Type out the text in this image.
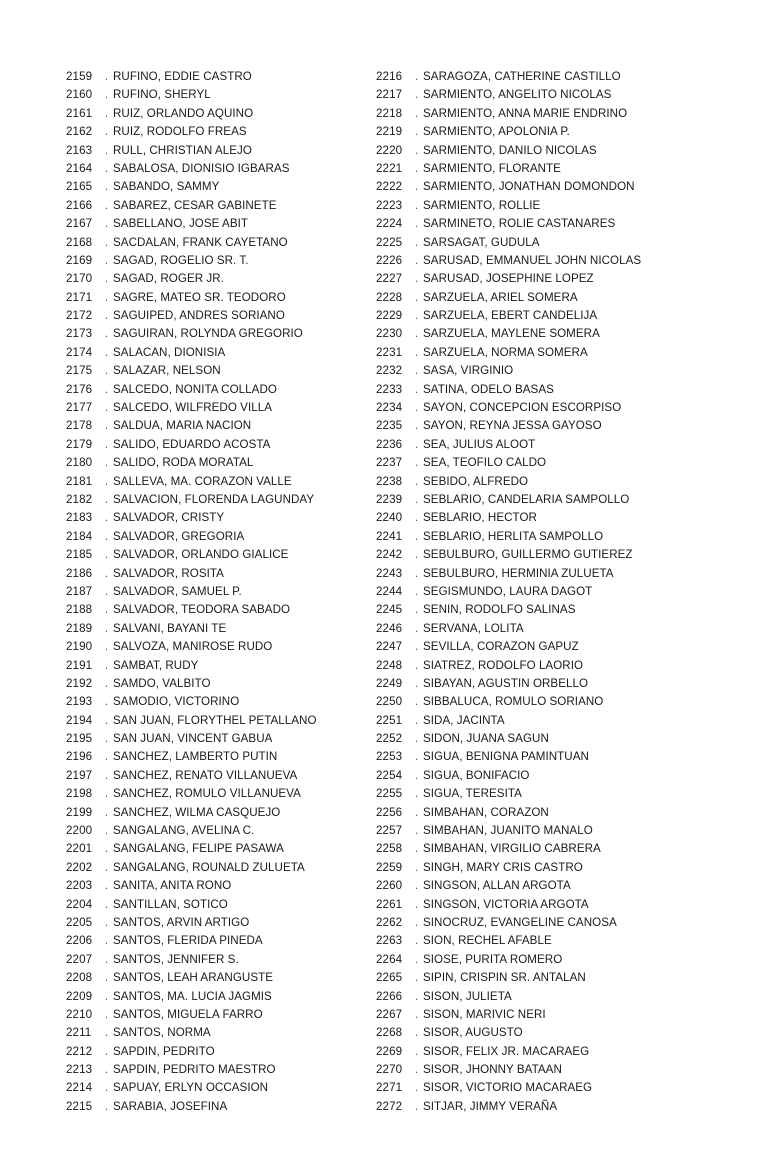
2159	. RUFINO, EDDIE CASTRO
2160	. RUFINO, SHERYL
2161	. RUIZ, ORLANDO AQUINO
2162	. RUIZ, RODOLFO FREAS
2163	. RULL, CHRISTIAN ALEJO
2164	. SABALOSA, DIONISIO IGBARAS
2165	. SABANDO, SAMMY
2166	. SABAREZ, CESAR GABINETE
2167	. SABELLANO, JOSE ABIT
2168	. SACDALAN, FRANK CAYETANO
2169	. SAGAD, ROGELIO SR. T.
2170	. SAGAD, ROGER JR.
2171	. SAGRE, MATEO SR. TEODORO
2172	. SAGUIPED, ANDRES SORIANO
2173	. SAGUIRAN, ROLYNDA GREGORIO
2174	. SALACAN, DIONISIA
2175	. SALAZAR, NELSON
2176	. SALCEDO, NONITA COLLADO
2177	. SALCEDO, WILFREDO VILLA
2178	. SALDUA, MARIA NACION
2179	. SALIDO, EDUARDO ACOSTA
2180	. SALIDO, RODA MORATAL
2181	. SALLEVA, MA. CORAZON VALLE
2182	. SALVACION, FLORENDA LAGUNDAY
2183	. SALVADOR, CRISTY
2184	. SALVADOR, GREGORIA
2185	. SALVADOR, ORLANDO GIALICE
2186	. SALVADOR, ROSITA
2187	. SALVADOR, SAMUEL P.
2188	. SALVADOR, TEODORA SABADO
2189	. SALVANI, BAYANI TE
2190	. SALVOZA, MANIROSE RUDO
2191	. SAMBAT, RUDY
2192	. SAMDO, VALBITO
2193	. SAMODIO, VICTORINO
2194	. SAN JUAN, FLORYTHEL PETALLANO
2195	. SAN JUAN, VINCENT GABUA
2196	. SANCHEZ, LAMBERTO PUTIN
2197	. SANCHEZ, RENATO VILLANUEVA
2198	. SANCHEZ, ROMULO VILLANUEVA
2199	. SANCHEZ, WILMA CASQUEJO
2200	. SANGALANG, AVELINA C.
2201	. SANGALANG, FELIPE PASAWA
2202	. SANGALANG, ROUNALD ZULUETA
2203	. SANITA, ANITA RONO
2204	. SANTILLAN, SOTICO
2205	. SANTOS, ARVIN ARTIGO
2206	. SANTOS, FLERIDA PINEDA
2207	. SANTOS, JENNIFER S.
2208	. SANTOS, LEAH ARANGUSTE
2209	. SANTOS, MA. LUCIA JAGMIS
2210	. SANTOS, MIGUELA FARRO
2211	. SANTOS, NORMA
2212	. SAPDIN, PEDRITO
2213	. SAPDIN, PEDRITO MAESTRO
2214	. SAPUAY, ERLYN OCCASION
2215	. SARABIA, JOSEFINA
2216	. SARAGOZA, CATHERINE CASTILLO
2217	. SARMIENTO, ANGELITO NICOLAS
2218	. SARMIENTO, ANNA MARIE ENDRINO
2219	. SARMIENTO, APOLONIA P.
2220	. SARMIENTO, DANILO NICOLAS
2221	. SARMIENTO, FLORANTE
2222	. SARMIENTO, JONATHAN DOMONDON
2223	. SARMIENTO, ROLLIE
2224	. SARMINETO, ROLIE CASTANARES
2225	. SARSAGAT, GUDULA
2226	. SARUSAD, EMMANUEL JOHN NICOLAS
2227	. SARUSAD, JOSEPHINE LOPEZ
2228	. SARZUELA, ARIEL SOMERA
2229	. SARZUELA, EBERT CANDELIJA
2230	. SARZUELA, MAYLENE SOMERA
2231	. SARZUELA, NORMA SOMERA
2232	. SASA, VIRGINIO
2233	. SATINA, ODELO BASAS
2234	. SAYON, CONCEPCION ESCORPISO
2235	. SAYON, REYNA JESSA GAYOSO
2236	. SEA, JULIUS ALOOT
2237	. SEA, TEOFILO CALDO
2238	. SEBIDO, ALFREDO
2239	. SEBLARIO, CANDELARIA SAMPOLLO
2240	. SEBLARIO, HECTOR
2241	. SEBLARIO, HERLITA SAMPOLLO
2242	. SEBULBURO, GUILLERMO GUTIEREZ
2243	. SEBULBURO, HERMINIA ZULUETA
2244	. SEGISMUNDO, LAURA DAGOT
2245	. SENIN, RODOLFO SALINAS
2246	. SERVANA, LOLITA
2247	. SEVILLA, CORAZON GAPUZ
2248	. SIATREZ, RODOLFO LAORIO
2249	. SIBAYAN, AGUSTIN ORBELLO
2250	. SIBBALUCA, ROMULO SORIANO
2251	. SIDA, JACINTA
2252	. SIDON, JUANA SAGUN
2253	. SIGUA, BENIGNA PAMINTUAN
2254	. SIGUA, BONIFACIO
2255	. SIGUA, TERESITA
2256	. SIMBAHAN, CORAZON
2257	. SIMBAHAN, JUANITO MANALO
2258	. SIMBAHAN, VIRGILIO CABRERA
2259	. SINGH, MARY CRIS CASTRO
2260	. SINGSON, ALLAN ARGOTA
2261	. SINGSON, VICTORIA ARGOTA
2262	. SINOCRUZ, EVANGELINE CANOSA
2263	. SION, RECHEL AFABLE
2264	. SIOSE, PURITA ROMERO
2265	. SIPIN, CRISPIN SR. ANTALAN
2266	. SISON, JULIETA
2267	. SISON, MARIVIC NERI
2268	. SISOR, AUGUSTO
2269	. SISOR, FELIX JR. MACARAEG
2270	. SISOR, JHONNY BATAAN
2271	. SISOR, VICTORIO MACARAEG
2272	. SITJAR, JIMMY VERAÑA
